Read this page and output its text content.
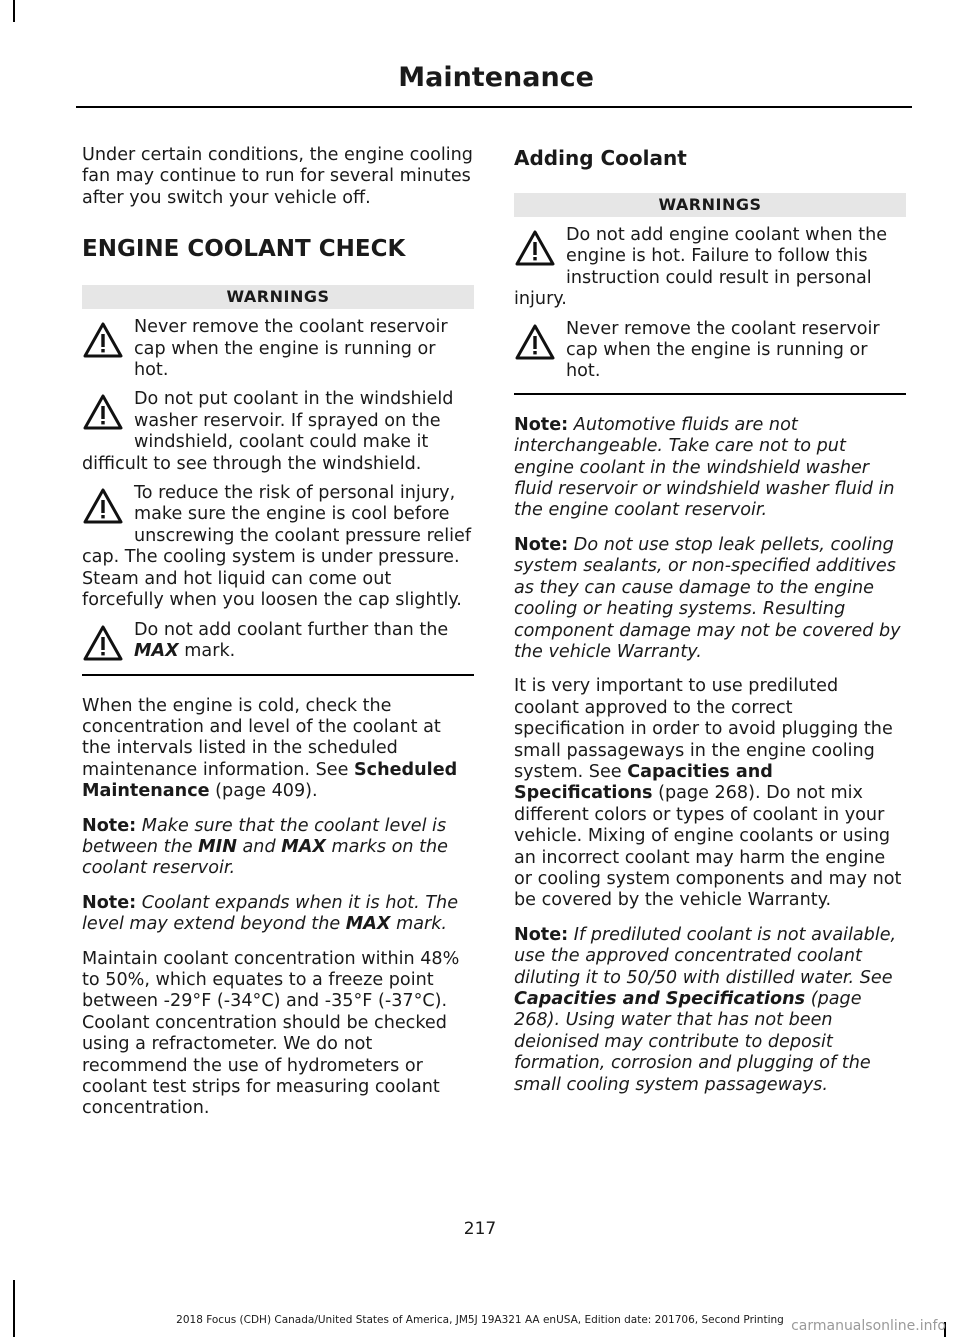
Maintenance

Under certain conditions, the engine cooling fan may continue to run for several minutes after you switch your vehicle off.

ENGINE COOLANT CHECK
WARNINGS
Never remove the coolant reservoir cap when the engine is running or hot.
Do not put coolant in the windshield washer reservoir. If sprayed on the windshield, coolant could make it difficult to see through the windshield.
To reduce the risk of personal injury, make sure the engine is cool before unscrewing the coolant pressure relief cap. The cooling system is under pressure. Steam and hot liquid can come out forcefully when you loosen the cap slightly.
Do not add coolant further than the MAX mark.

When the engine is cold, check the concentration and level of the coolant at the intervals listed in the scheduled maintenance information. See Scheduled Maintenance (page 409).

Note: Make sure that the coolant level is between the MIN and MAX marks on the coolant reservoir.

Note: Coolant expands when it is hot. The level may extend beyond the MAX mark.

Maintain coolant concentration within 48% to 50%, which equates to a freeze point between -29°F (-34°C) and -35°F (-37°C). Coolant concentration should be checked using a refractometer. We do not recommend the use of hydrometers or coolant test strips for measuring coolant concentration.

Adding Coolant
WARNINGS
Do not add engine coolant when the engine is hot. Failure to follow this instruction could result in personal injury.
Never remove the coolant reservoir cap when the engine is running or hot.

Note: Automotive fluids are not interchangeable. Take care not to put engine coolant in the windshield washer fluid reservoir or windshield washer fluid in the engine coolant reservoir.

Note: Do not use stop leak pellets, cooling system sealants, or non-specified additives as they can cause damage to the engine cooling or heating systems. Resulting component damage may not be covered by the vehicle Warranty.

It is very important to use prediluted coolant approved to the correct specification in order to avoid plugging the small passageways in the engine cooling system. See Capacities and Specifications (page 268). Do not mix different colors or types of coolant in your vehicle. Mixing of engine coolants or using an incorrect coolant may harm the engine or cooling system components and may not be covered by the vehicle Warranty.

Note: If prediluted coolant is not available, use the approved concentrated coolant diluting it to 50/50 with distilled water. See Capacities and Specifications (page 268). Using water that has not been deionised may contribute to deposit formation, corrosion and plugging of the small cooling system passageways.

217

2018 Focus (CDH) Canada/United States of America, JM5J 19A321 AA enUSA, Edition date: 201706, Second Printing carmanualsonline.info
